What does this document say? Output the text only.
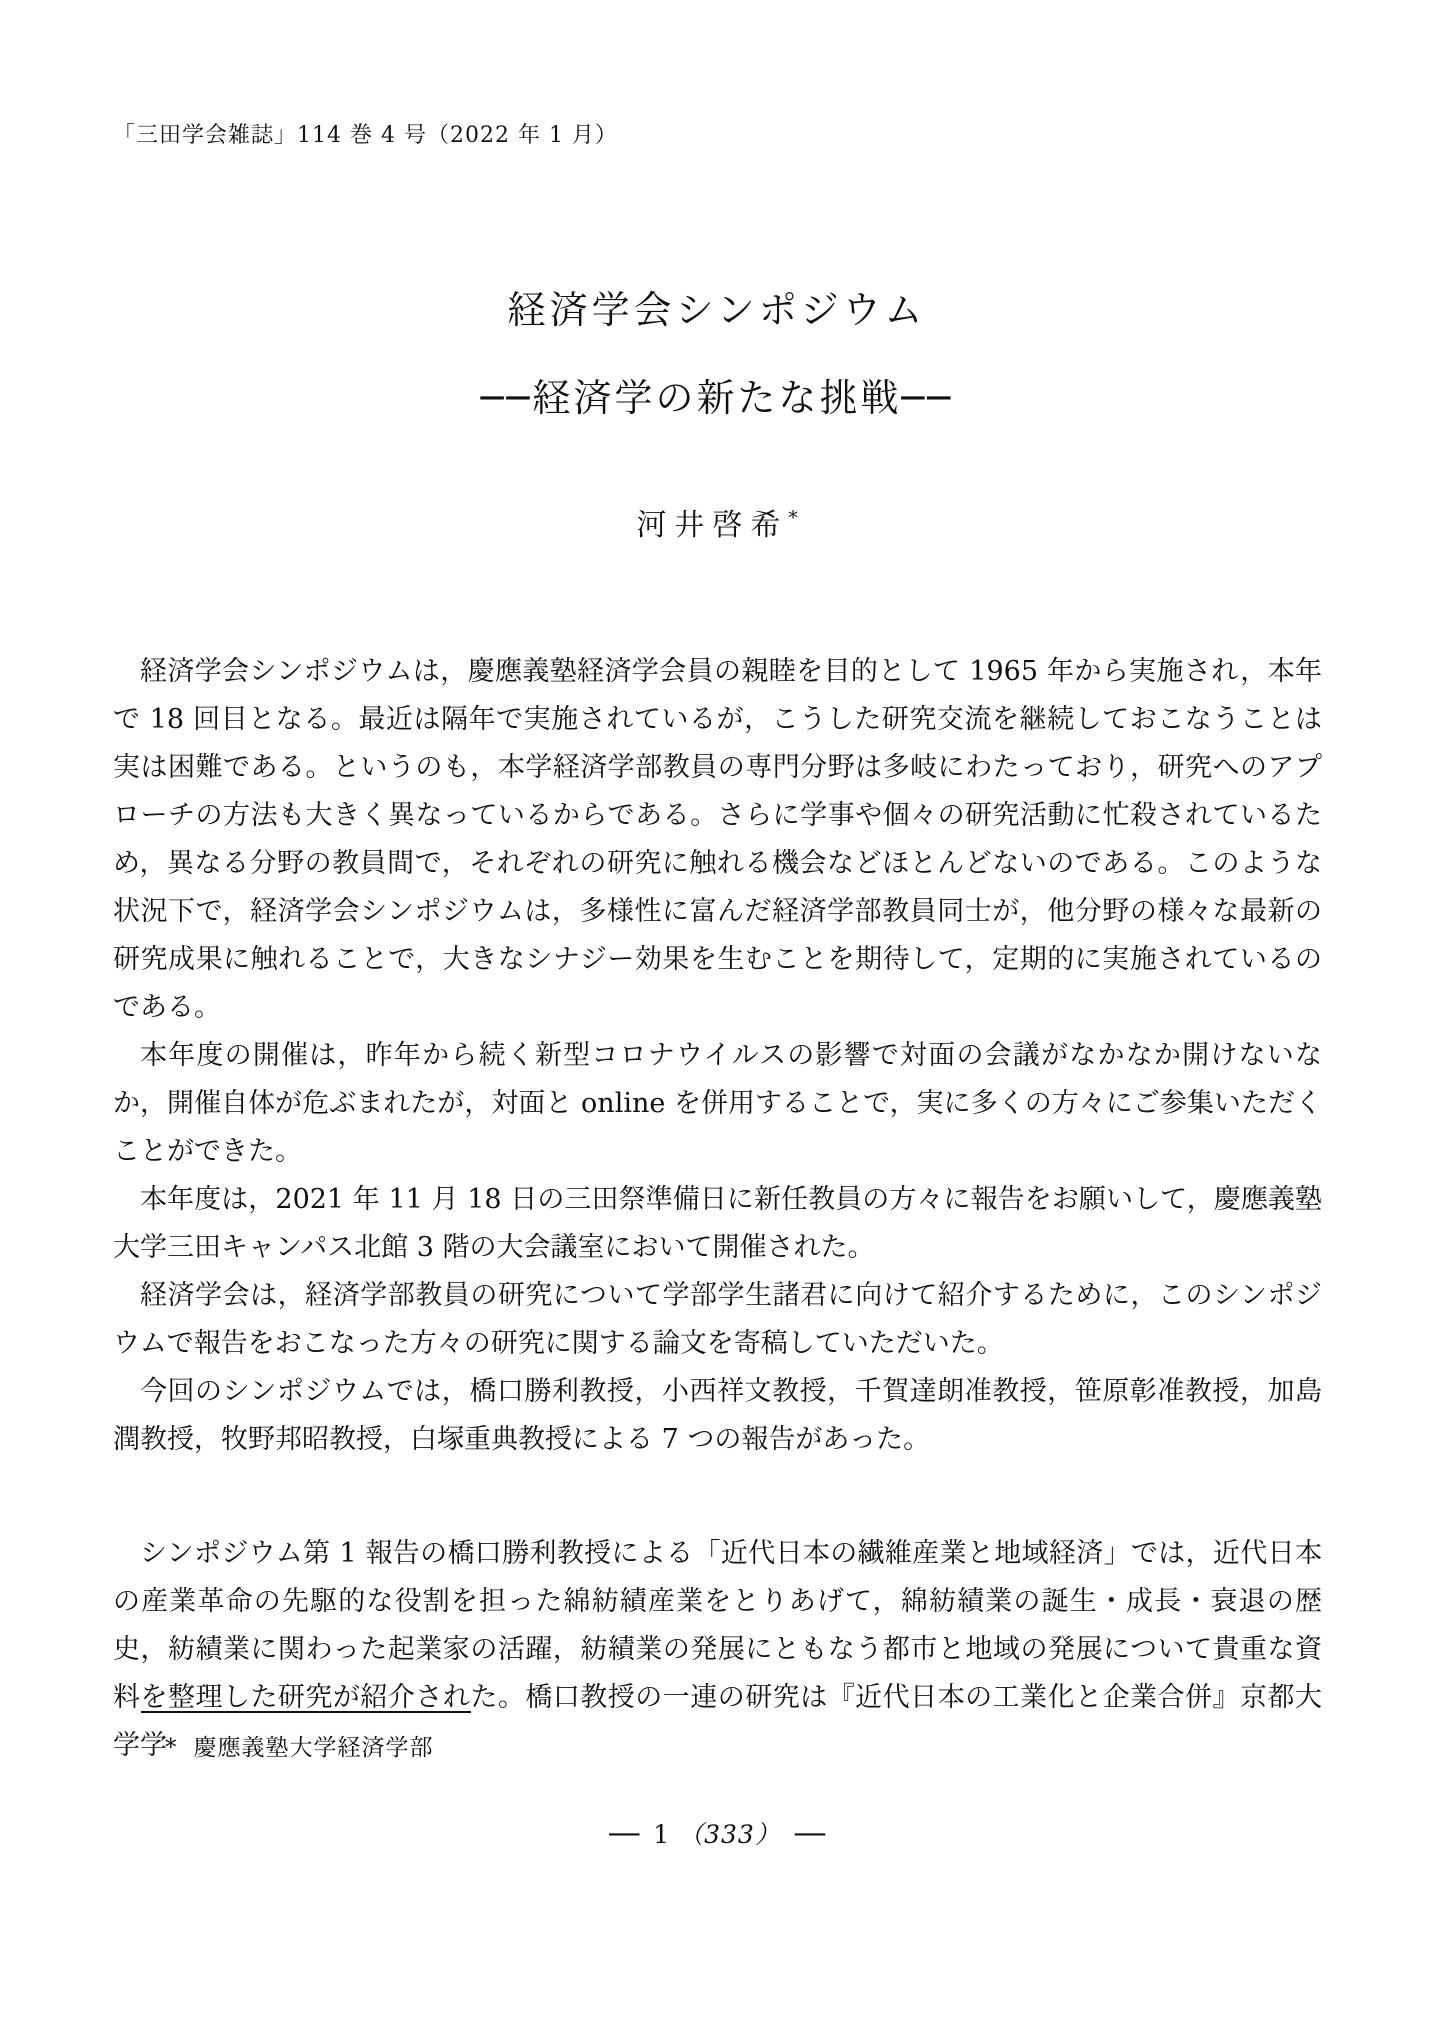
「三田学会雑誌」114 巻 4 号（2022 年 1 月）
経済学会シンポジウム
──経済学の新たな挑戦──
河井啓希*

経済学会シンポジウムは，慶應義塾経済学会員の親睦を目的として 1965 年から実施され，本年で 18 回目となる。最近は隔年で実施されているが，こうした研究交流を継続しておこなうことは実は困難である。というのも，本学経済学部教員の専門分野は多岐にわたっており，研究へのアプローチの方法も大きく異なっているからである。さらに学事や個々の研究活動に忙殺されているため，異なる分野の教員間で，それぞれの研究に触れる機会などほとんどないのである。このような状況下で，経済学会シンポジウムは，多様性に富んだ経済学部教員同士が，他分野の様々な最新の研究成果に触れることで，大きなシナジー効果を生むことを期待して，定期的に実施されているのである。

本年度の開催は，昨年から続く新型コロナウイルスの影響で対面の会議がなかなか開けないなか，開催自体が危ぶまれたが，対面と online を併用することで，実に多くの方々にご参集いただくことができた。

本年度は，2021 年 11 月 18 日の三田祭準備日に新任教員の方々に報告をお願いして，慶應義塾大学三田キャンパス北館 3 階の大会議室において開催された。

経済学会は，経済学部教員の研究について学部学生諸君に向けて紹介するために，このシンポジウムで報告をおこなった方々の研究に関する論文を寄稿していただいた。

今回のシンポジウムでは，橋口勝利教授，小西祥文教授，千賀達朗准教授，笹原彰准教授，加島潤教授，牧野邦昭教授，白塚重典教授による 7 つの報告があった。

シンポジウム第 1 報告の橋口勝利教授による「近代日本の繊維産業と地域経済」では，近代日本の産業革命の先駆的な役割を担った綿紡績産業をとりあげて，綿紡績業の誕生・成長・衰退の歴史，紡績業に関わった起業家の活躍，紡績業の発展にともなう都市と地域の発展について貴重な資料を整理した研究が紹介された。橋口教授の一連の研究は『近代日本の工業化と企業合併』京都大学学

* 慶應義塾大学経済学部
── 1 （333） ──
